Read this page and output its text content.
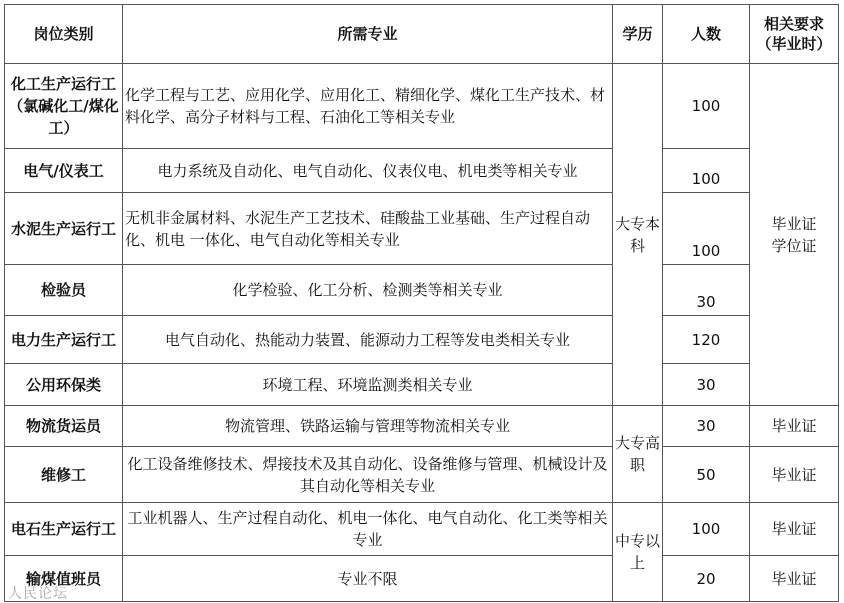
岗位类别	所需专业	学历	人数	相关要求
（毕业时）

化工生产运行工（氯碱化工/煤化工）	化学工程与工艺、应用化学、应用化工、精细化学、煤化工生产技术、材料化学、高分子材料与工程、石油化工等相关专业	大专本科	100	毕业证
学位证

电气/仪表工	电力系统及自动化、电气自动化、仪表仪电、机电类等相关专业		100	
水泥生产运行工	无机非金属材料、水泥生产工艺技术、硅酸盐工业基础、生产过程自动化、机电 一体化、电气自动化等相关专业		100	
检验员	化学检验、化工分析、检测类等相关专业		30	
电力生产运行工	电气自动化、热能动力装置、能源动力工程等发电类相关专业		120	
公用环保类	环境工程、环境监测类相关专业		30	
物流货运员	物流管理、铁路运输与管理等物流相关专业	大专高职	30	毕业证
维修工	化工设备维修技术、焊接技术及其自动化、设备维修与管理、机械设计及其自动化等相关专业		50	毕业证
电石生产运行工	工业机器人、生产过程自动化、机电一体化、电气自动化、化工类等相关专业	中专以上	100	毕业证
输煤值班员	专业不限		20	毕业证
人民论坛
